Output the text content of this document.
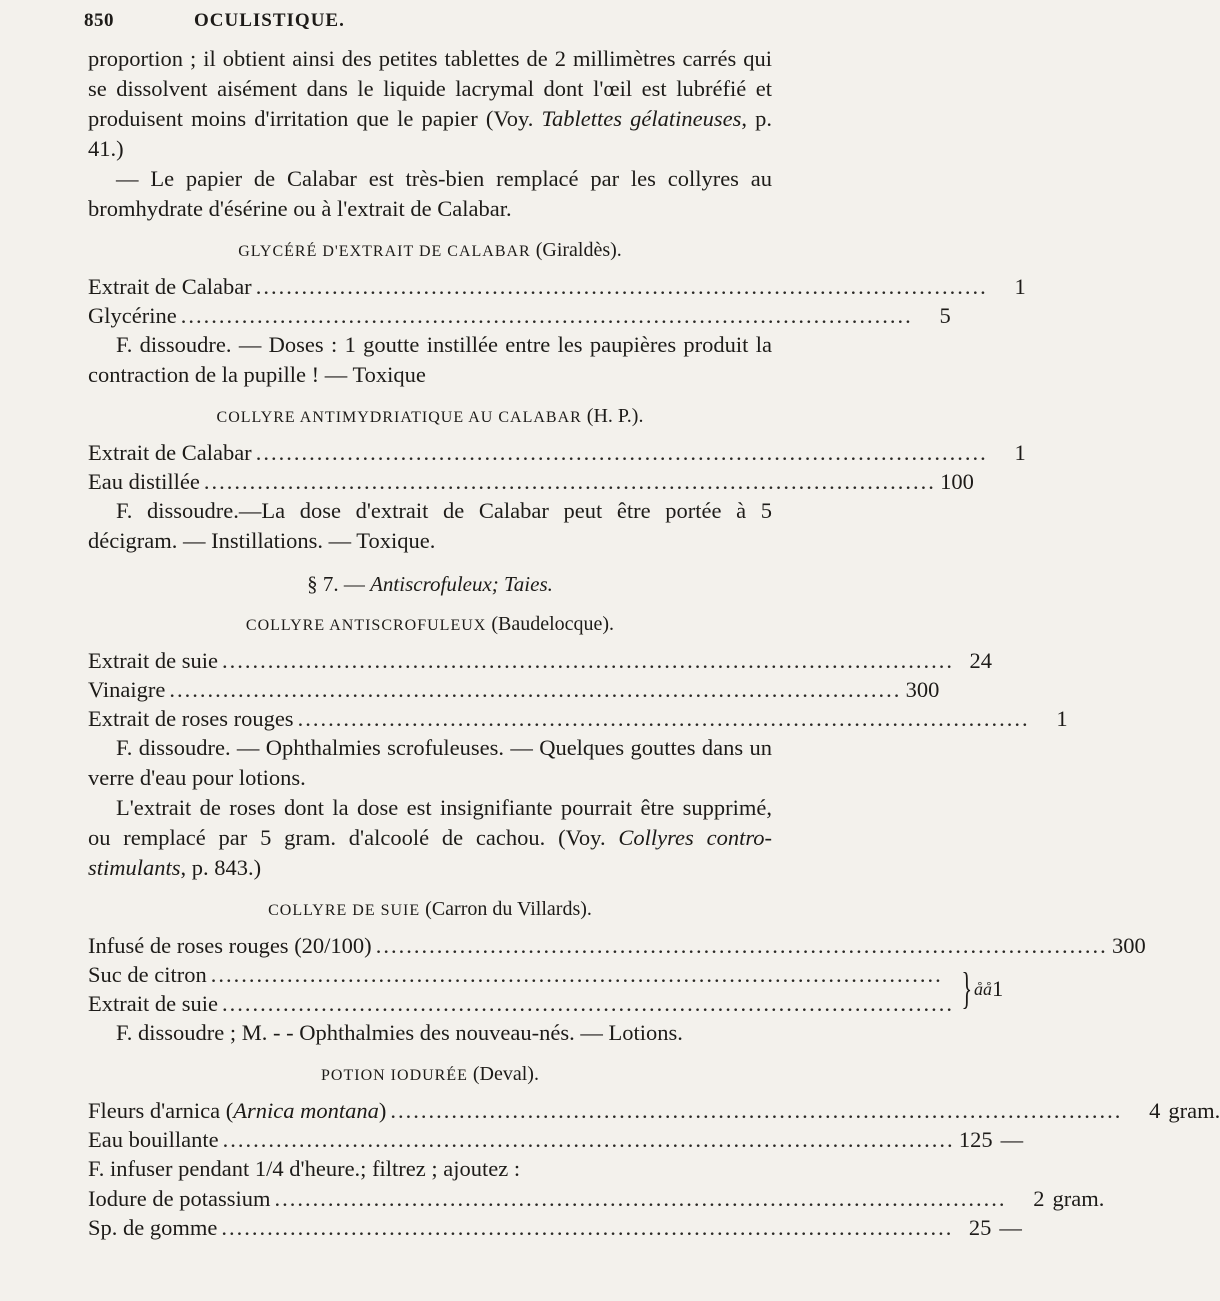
850	OCULISTIQUE.

proportion ; il obtient ainsi des petites tablettes de 2 millimètres carrés qui se dissolvent aisément dans le liquide lacrymal dont l'œil est lubréfié et produisent moins d'irritation que le papier (Voy. Tablettes gélatineuses, p. 41.)

— Le papier de Calabar est très-bien remplacé par les collyres au bromhydrate d'ésérine ou à l'extrait de Calabar.

GLYCÉRÉ D'EXTRAIT DE CALABAR (Giraldès).
Extrait de Calabar ................................................................................................	1
Glycérine ................................................................................................	5

F. dissoudre. — Doses : 1 goutte instillée entre les paupières produit la contraction de la pupille ! — Toxique

COLLYRE ANTIMYDRIATIQUE AU CALABAR (H. P.).
Extrait de Calabar ................................................................................................	1
Eau distillée ................................................................................................ 100

F. dissoudre.—La dose d'extrait de Calabar peut être portée à 5 décigram. — Instillations. — Toxique.

§ 7. — Antiscrofuleux; Taies.
COLLYRE ANTISCROFULEUX (Baudelocque).
Extrait de suie ................................................................................................ 24
Vinaigre ................................................................................................ 300
Extrait de roses rouges ................................................................................................	1

F. dissoudre. — Ophthalmies scrofuleuses. — Quelques gouttes dans un verre d'eau pour lotions.

L'extrait de roses dont la dose est insignifiante pourrait être supprimé, ou remplacé par 5 gram. d'alcoolé de cachou. (Voy. Collyres contro-stimulants, p. 843.)

COLLYRE DE SUIE (Carron du Villards).
Infusé de roses rouges (20/100) ................................................................................................ 300
Suc de citron ................................................................................................
Extrait de suie ................................................................................................ } åå 1

F. dissoudre ; M. - - Ophthalmies des nouveau-nés. — Lotions.

POTION IODURÉE (Deval).
Fleurs d'arnica (Arnica montana) ................................................................................................	4 gram.
Eau bouillante ................................................................................................ 125 —

F. infuser pendant 1/4 d'heure.; filtrez ; ajoutez :

Iodure de potassium ................................................................................................	2 gram.
Sp. de gomme ................................................................................................ 25 —
